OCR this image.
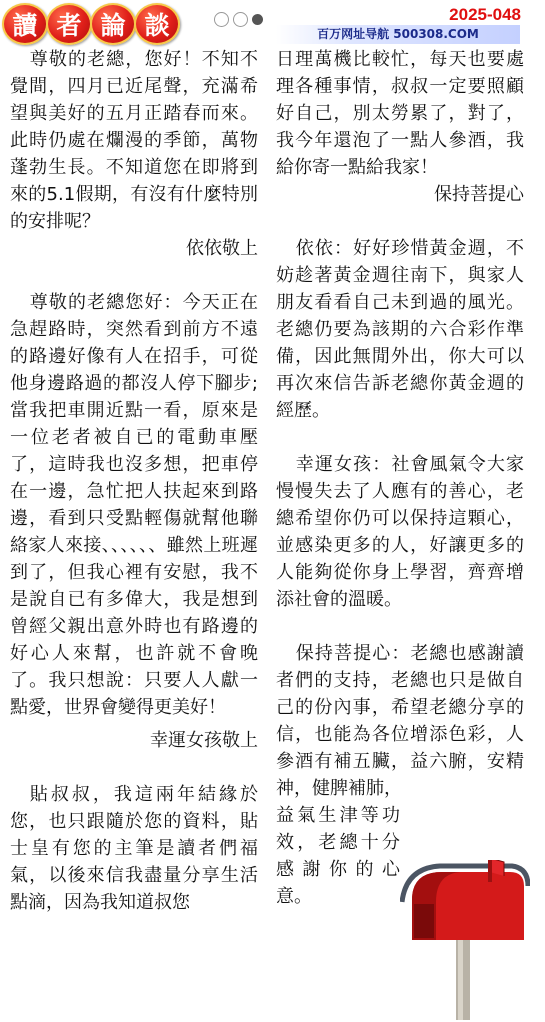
讀 者 論 談	2025-048
百万网址导航 500308.COM

尊敬的老總，您好！不知不覺間，四月已近尾聲，充滿希望與美好的五月正踏春而來。此時仍處在爛漫的季節，萬物蓬勃生長。不知道您在即將到來的5.1假期，有沒有什麼特別的安排呢？

依依敬上

尊敬的老總您好：今天正在急趕路時，突然看到前方不遠的路邊好像有人在招手，可從他身邊路過的都沒人停下腳步;當我把車開近點一看，原來是一位老者被自已的電動車壓了，這時我也沒多想，把車停在一邊，急忙把人扶起來到路邊，看到只受點輕傷就幫他聯絡家人來接、、、、、、雖然上班遲到了，但我心裡有安慰，我不是說自已有多偉大，我是想到曾經父親出意外時也有路邊的好心人來幫，也許就不會晚了。我只想說：只要人人獻一點愛，世界會變得更美好！

幸運女孩敬上

貼叔叔，我這兩年結緣於您，也只跟隨於您的資料，貼士皇有您的主筆是讀者們福氣，以後來信我盡量分享生活點滴，因為我知道叔您

日理萬機比較忙，每天也要處理各種事情，叔叔一定要照顧好自己，別太勞累了，對了，我今年還泡了一點人參酒，我給你寄一點給我家！

保持菩提心

依依：好好珍惜黃金週，不妨趁著黃金週往南下，與家人朋友看看自己未到過的風光。老總仍要為該期的六合彩作準備，因此無閒外出，你大可以再次來信告訴老總你黃金週的經歷。

幸運女孩：社會風氣令大家慢慢失去了人應有的善心，老總希望你仍可以保持這顆心，並感染更多的人，好讓更多的人能夠從你身上學習，齊齊增添社會的溫暖。

保持菩提心：老總也感謝讀者們的支持，老總也只是做自己的份內事，希望老總分享的信，也能為各位增添色彩，人參酒有補五臟，益六腑，安精神，健脾補肺，

益氣生津等功效，老總十分感謝你的心意。
